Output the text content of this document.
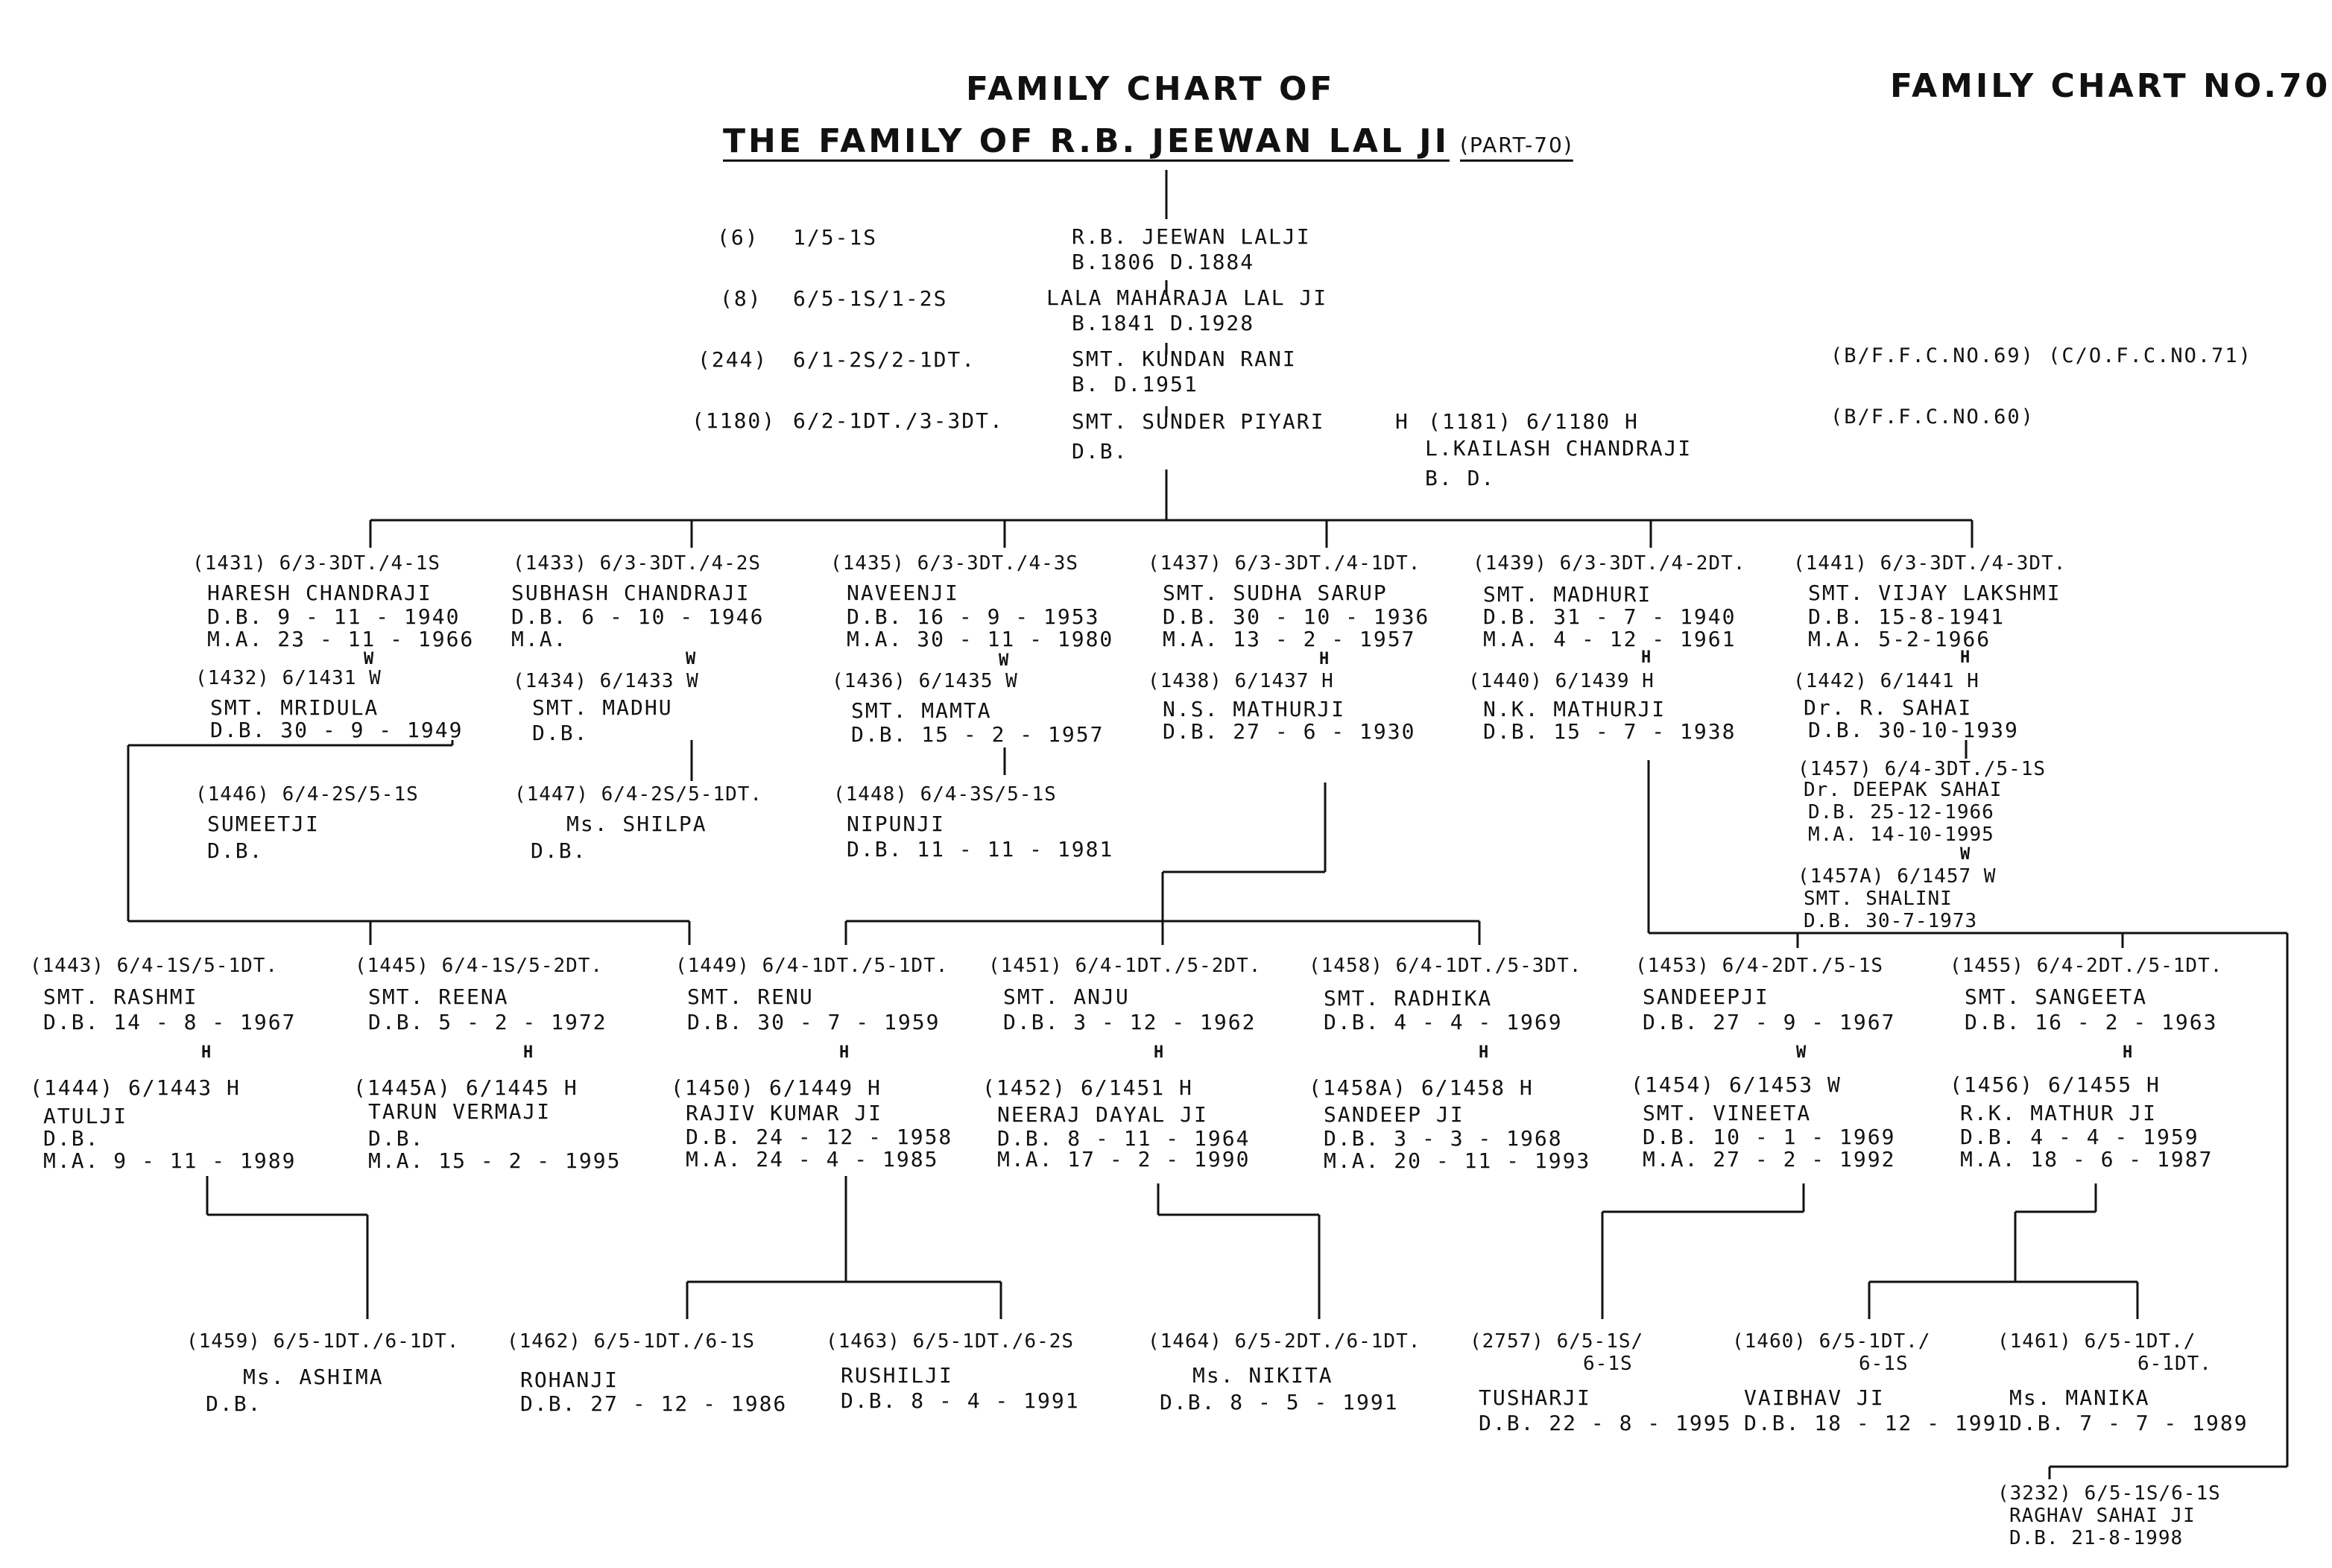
FAMILY CHART OF
THE FAMILY OF R.B. JEEWAN LAL JI (PART-70)
FAMILY CHART NO.70
(6) 1/5-1S	R.B. JEEWAN LALJI
B.1806 D.1884
(8) 6/5-1S/1-2S	LALA MAHARAJA LAL JI
B.1841 D.1928
(244) 6/1-2S/2-1DT.	SMT. KUNDAN RANI
B. D.1951
(B/F.F.C.NO.69) (C/O.F.C.NO.71)
(1180) 6/2-1DT./3-3DT.	SMT. SUNDER PIYARI
D.B.
(B/F.F.C.NO.60)
H (1181) 6/1180 H
L.KAILASH CHANDRAJI
B. D.
(1431) 6/3-3DT./4-1S
HARESH CHANDRAJI
D.B. 9 - 11 - 1940
M.A. 23 - 11 - 1966
W
(1432) 6/1431 W
SMT. MRIDULA
D.B. 30 - 9 - 1949
(1433) 6/3-3DT./4-2S
SUBHASH CHANDRAJI
D.B. 6 - 10 - 1946
M.A.
W
(1434) 6/1433 W
SMT. MADHU
D.B.
(1435) 6/3-3DT./4-3S
NAVEENJI
D.B. 16 - 9 - 1953
M.A. 30 - 11 - 1980
W
(1436) 6/1435 W
SMT. MAMTA
D.B. 15 - 2 - 1957
(1437) 6/3-3DT./4-1DT.
SMT. SUDHA SARUP
D.B. 30 - 10 - 1936
M.A. 13 - 2 - 1957
H
(1438) 6/1437 H
N.S. MATHURJI
D.B. 27 - 6 - 1930
(1439) 6/3-3DT./4-2DT.
SMT. MADHURI
D.B. 31 - 7 - 1940
M.A. 4 - 12 - 1961
H
(1440) 6/1439 H
N.K. MATHURJI
D.B. 15 - 7 - 1938
(1441) 6/3-3DT./4-3DT.
SMT. VIJAY LAKSHMI
D.B. 15-8-1941
M.A. 5-2-1966
H
(1442) 6/1441 H
Dr. R. SAHAI
D.B. 30-10-1939
(1446) 6/4-2S/5-1S
SUMEETJI
D.B.
(1447) 6/4-2S/5-1DT.
Ms. SHILPA
D.B.
(1448) 6/4-3S/5-1S
NIPUNJI
D.B. 11 - 11 - 1981
(1457) 6/4-3DT./5-1S
Dr. DEEPAK SAHAI
D.B. 25-12-1966
M.A. 14-10-1995
W
(1457A) 6/1457 W
SMT. SHALINI
D.B. 30-7-1973
(1443) 6/4-1S/5-1DT.
SMT. RASHMI
D.B. 14 - 8 - 1967
H
(1444) 6/1443 H
ATULJI
D.B.
M.A. 9 - 11 - 1989
(1445) 6/4-1S/5-2DT.
SMT. REENA
D.B. 5 - 2 - 1972
H
(1445A) 6/1445 H
TARUN VERMAJI
D.B.
M.A. 15 - 2 - 1995
(1449) 6/4-1DT./5-1DT.
SMT. RENU
D.B. 30 - 7 - 1959
H
(1450) 6/1449 H
RAJIV KUMAR JI
D.B. 24 - 12 - 1958
M.A. 24 - 4 - 1985
(1451) 6/4-1DT./5-2DT.
SMT. ANJU
D.B. 3 - 12 - 1962
H
(1452) 6/1451 H
NEERAJ DAYAL JI
D.B. 8 - 11 - 1964
M.A. 17 - 2 - 1990
(1458) 6/4-1DT./5-3DT.
SMT. RADHIKA
D.B. 4 - 4 - 1969
H
(1458A) 6/1458 H
SANDEEP JI
D.B. 3 - 3 - 1968
M.A. 20 - 11 - 1993
(1453) 6/4-2DT./5-1S
SANDEEPJI
D.B. 27 - 9 - 1967
W
(1454) 6/1453 W
SMT. VINEETA
D.B. 10 - 1 - 1969
M.A. 27 - 2 - 1992
(1455) 6/4-2DT./5-1DT.
SMT. SANGEETA
D.B. 16 - 2 - 1963
H
(1456) 6/1455 H
R.K. MATHUR JI
D.B. 4 - 4 - 1959
M.A. 18 - 6 - 1987
(1459) 6/5-1DT./6-1DT.
Ms. ASHIMA
D.B.
(1462) 6/5-1DT./6-1S
ROHANJI
D.B. 27 - 12 - 1986
(1463) 6/5-1DT./6-2S
RUSHILJI
D.B. 8 - 4 - 1991
(1464) 6/5-2DT./6-1DT.
Ms. NIKITA
D.B. 8 - 5 - 1991
(2757) 6/5-1S/
6-1S
TUSHARJI
D.B. 22 - 8 - 1995
(1460) 6/5-1DT./
6-1S
VAIBHAV JI
D.B. 18 - 12 - 1991
(1461) 6/5-1DT./
6-1DT.
Ms. MANIKA
D.B. 7 - 7 - 1989
(3232) 6/5-1S/6-1S
RAGHAV SAHAI JI
D.B. 21-8-1998
